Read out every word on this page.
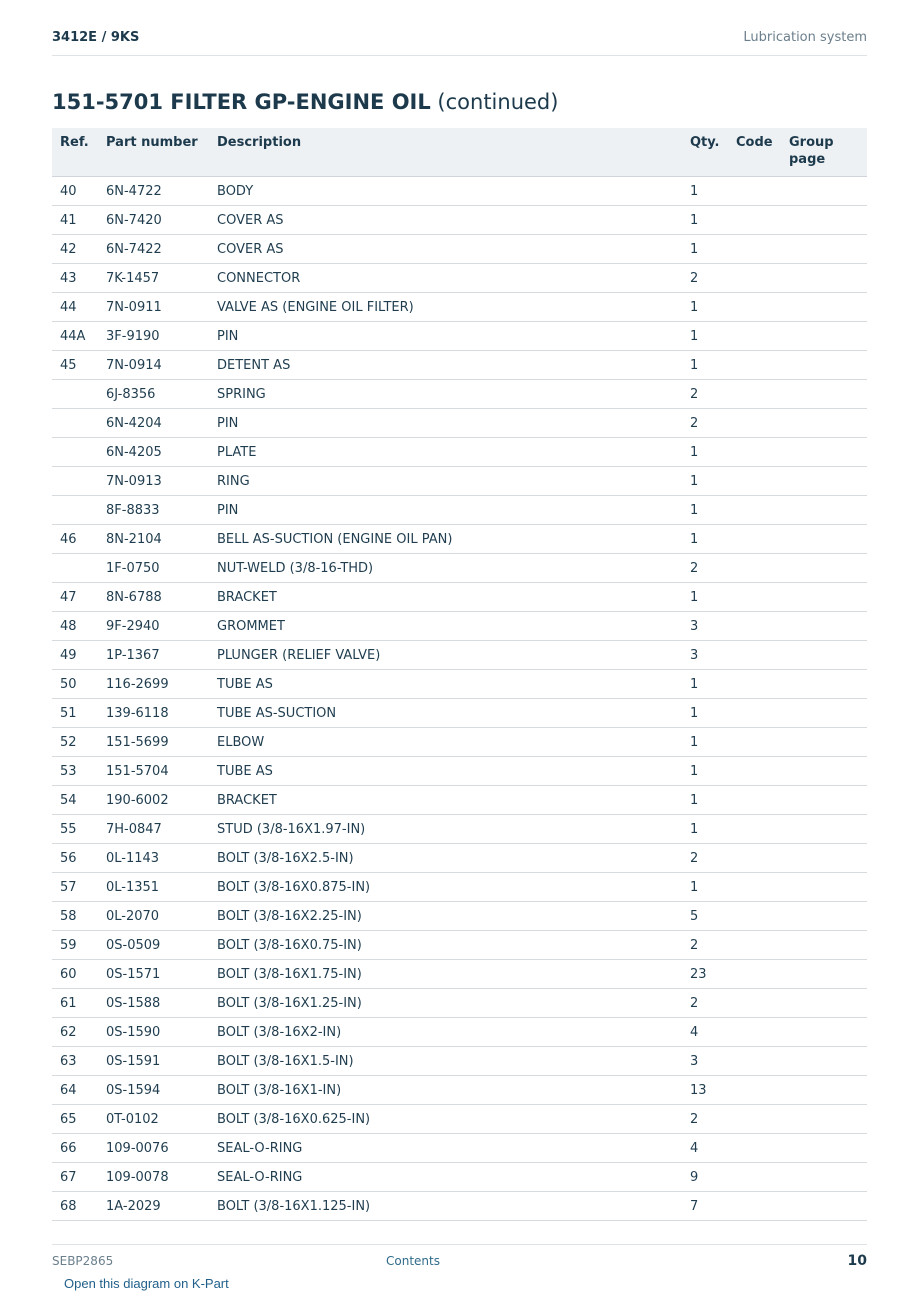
3412E / 9KS	Lubrication system
151-5701 FILTER GP-ENGINE OIL (continued)
Ref.	Part number	Description	Qty.	Code	Group page
40	6N-4722	BODY	1		
41	6N-7420	COVER AS	1		
42	6N-7422	COVER AS	1		
43	7K-1457	CONNECTOR	2		
44	7N-0911	VALVE AS (ENGINE OIL FILTER)	1		
44A	3F-9190	PIN	1		
45	7N-0914	DETENT AS	1		
	6J-8356	SPRING	2		
	6N-4204	PIN	2		
	6N-4205	PLATE	1		
	7N-0913	RING	1		
	8F-8833	PIN	1		
46	8N-2104	BELL AS-SUCTION (ENGINE OIL PAN)	1		
	1F-0750	NUT-WELD (3/8-16-THD)	2		
47	8N-6788	BRACKET	1		
48	9F-2940	GROMMET	3		
49	1P-1367	PLUNGER (RELIEF VALVE)	3		
50	116-2699	TUBE AS	1		
51	139-6118	TUBE AS-SUCTION	1		
52	151-5699	ELBOW	1		
53	151-5704	TUBE AS	1		
54	190-6002	BRACKET	1		
55	7H-0847	STUD (3/8-16X1.97-IN)	1		
56	0L-1143	BOLT (3/8-16X2.5-IN)	2		
57	0L-1351	BOLT (3/8-16X0.875-IN)	1		
58	0L-2070	BOLT (3/8-16X2.25-IN)	5		
59	0S-0509	BOLT (3/8-16X0.75-IN)	2		
60	0S-1571	BOLT (3/8-16X1.75-IN)	23		
61	0S-1588	BOLT (3/8-16X1.25-IN)	2		
62	0S-1590	BOLT (3/8-16X2-IN)	4		
63	0S-1591	BOLT (3/8-16X1.5-IN)	3		
64	0S-1594	BOLT (3/8-16X1-IN)	13		
65	0T-0102	BOLT (3/8-16X0.625-IN)	2		
66	109-0076	SEAL-O-RING	4		
67	109-0078	SEAL-O-RING	9		
68	1A-2029	BOLT (3/8-16X1.125-IN)	7		
SEBP2865	Contents	10
Open this diagram on K-Part
